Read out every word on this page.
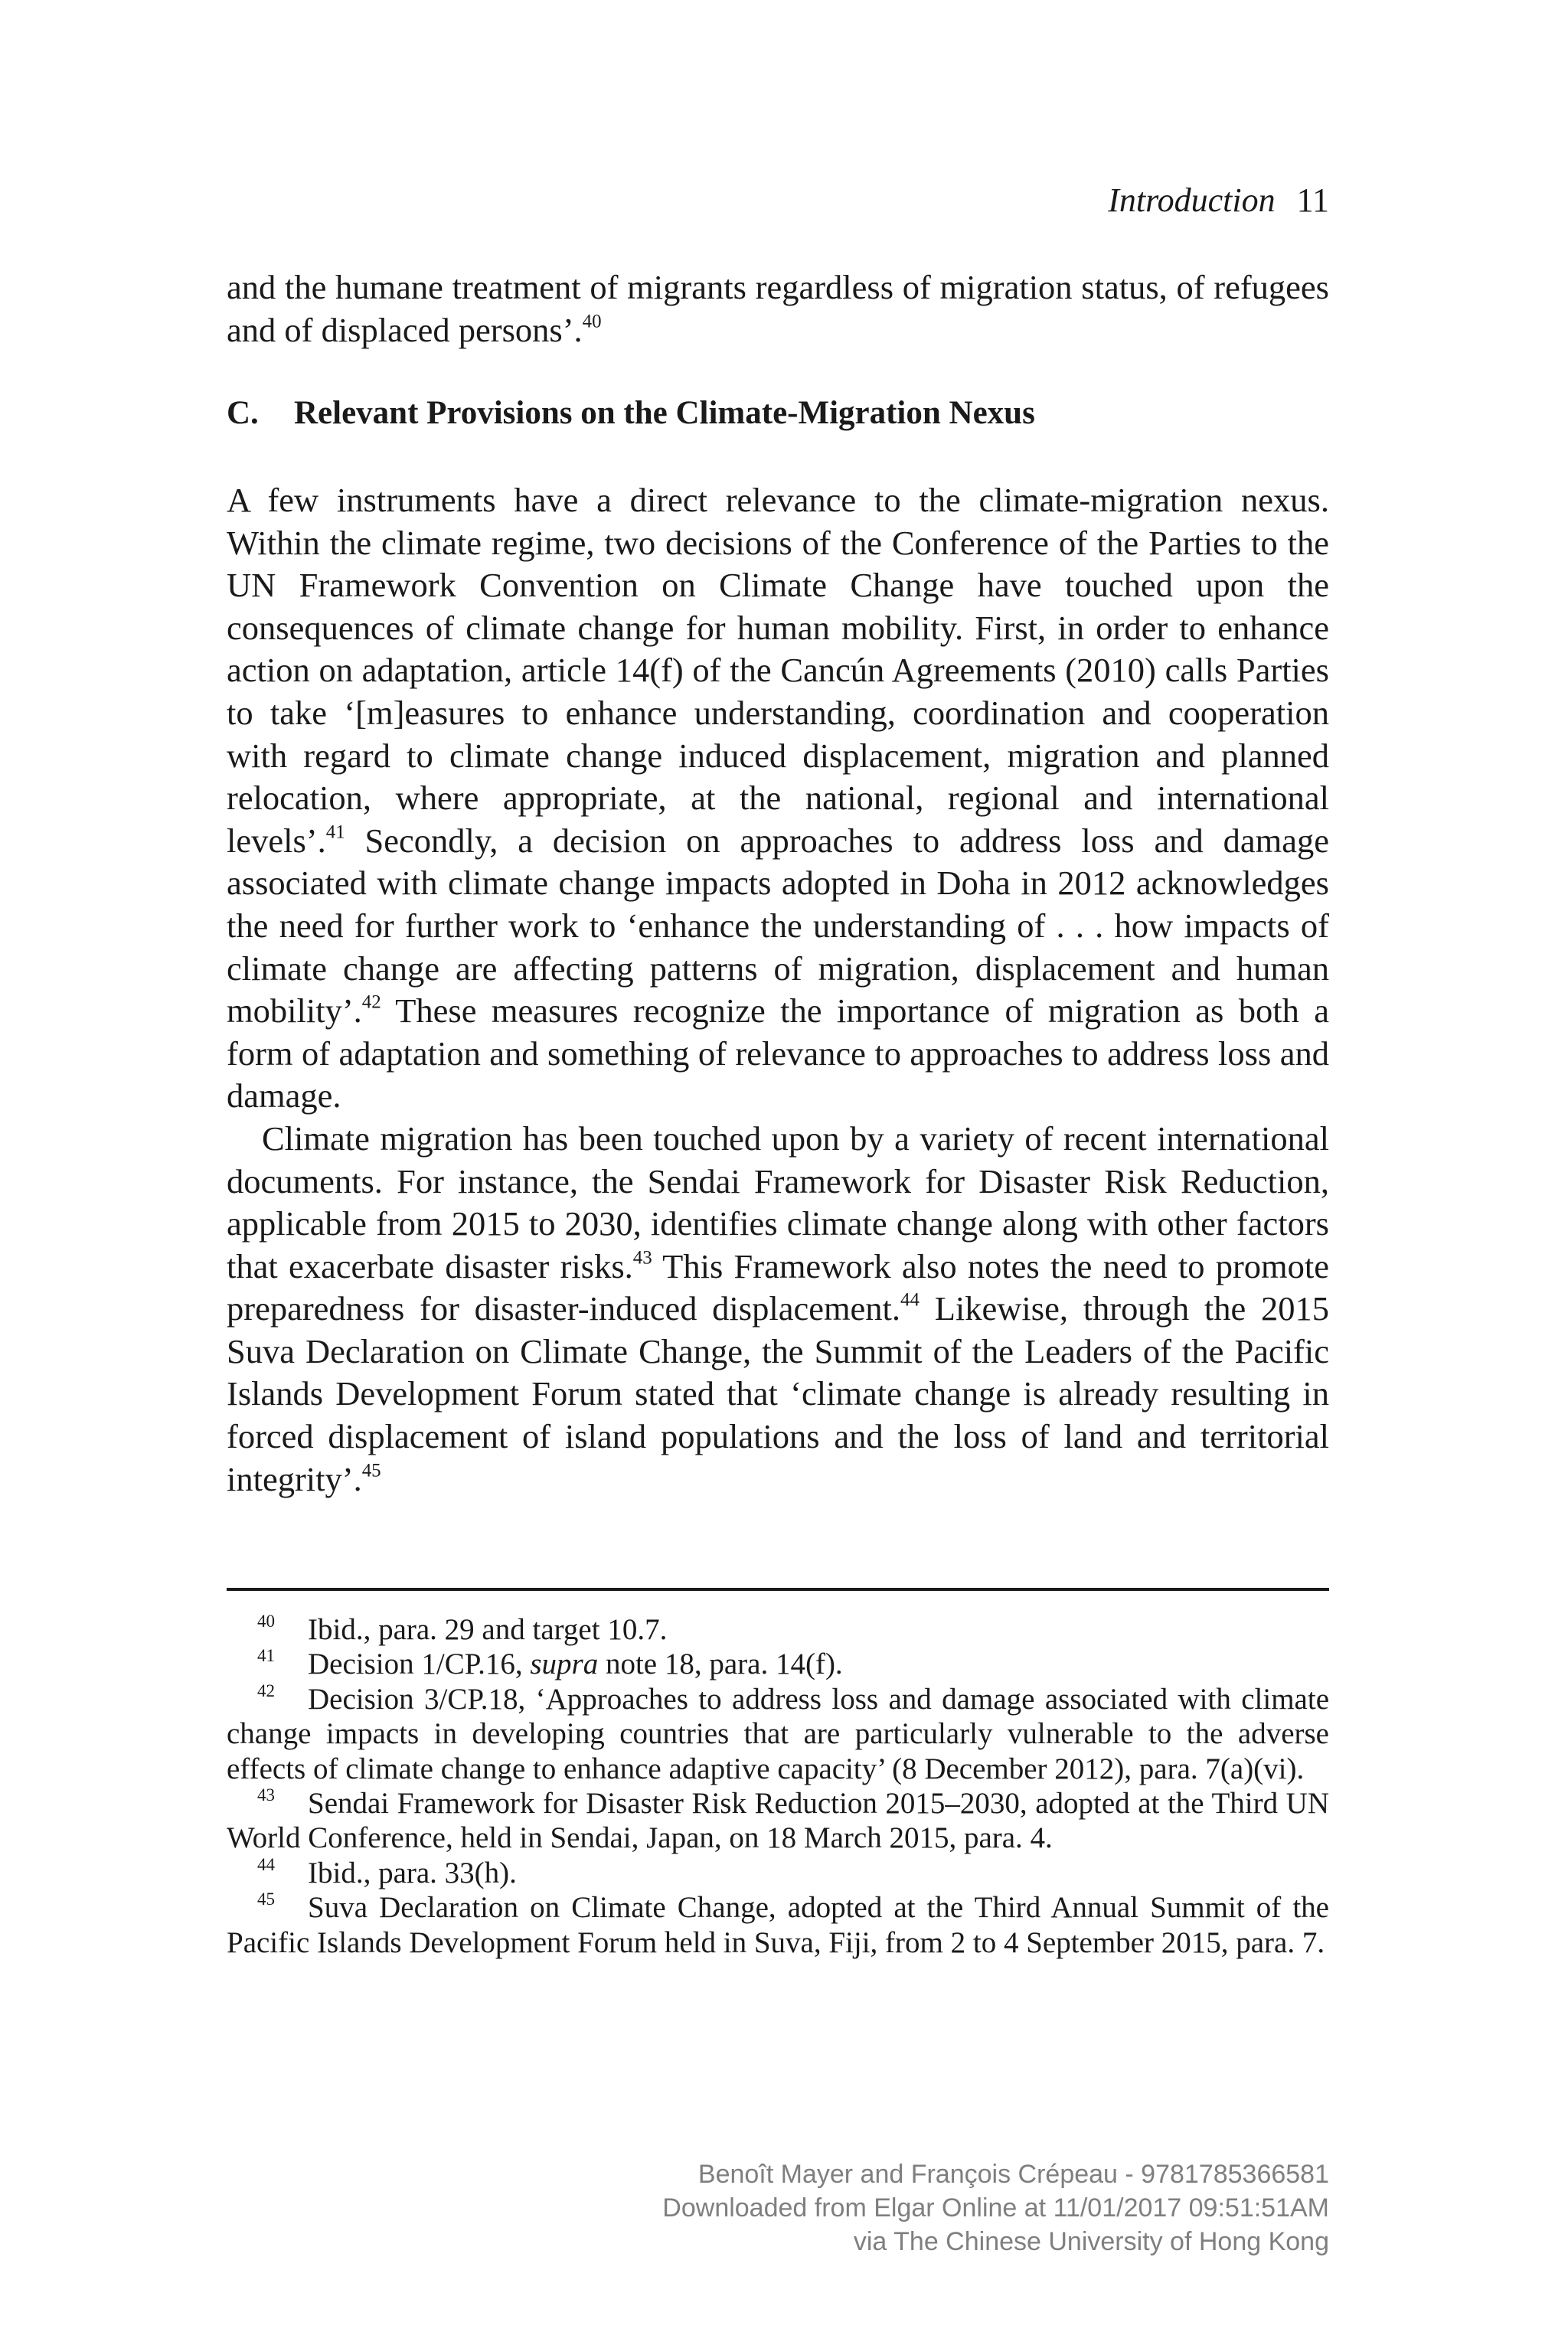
Introduction 11

and the humane treatment of migrants regardless of migration status, of refugees and of displaced persons’.$^{40}$

C. Relevant Provisions on the Climate-Migration Nexus

A few instruments have a direct relevance to the climate-migration nexus. Within the climate regime, two decisions of the Conference of the Parties to the UN Framework Convention on Climate Change have touched upon the consequences of climate change for human mobility. First, in order to enhance action on adaptation, article 14(f) of the Cancún Agreements (2010) calls Parties to take ‘[m]easures to enhance understanding, coordination and cooperation with regard to climate change induced displacement, migration and planned relocation, where appropriate, at the national, regional and international levels’.$^{41}$ Secondly, a decision on approaches to address loss and damage associated with climate change impacts adopted in Doha in 2012 acknowledges the need for further work to ‘enhance the understanding of . . . how impacts of climate change are affecting patterns of migration, displacement and human mobility’.$^{42}$ These measures recognize the importance of migration as both a form of adaptation and something of relevance to approaches to address loss and damage.

Climate migration has been touched upon by a variety of recent international documents. For instance, the Sendai Framework for Disaster Risk Reduction, applicable from 2015 to 2030, identifies climate change along with other factors that exacerbate disaster risks.$^{43}$ This Framework also notes the need to promote preparedness for disaster-induced displacement.$^{44}$ Likewise, through the 2015 Suva Declaration on Climate Change, the Summit of the Leaders of the Pacific Islands Development Forum stated that ‘climate change is already resulting in forced displacement of island populations and the loss of land and territorial integrity’.$^{45}$

40 Ibid., para. 29 and target 10.7.

41 Decision 1/CP.16, supra note 18, para. 14(f).

42 Decision 3/CP.18, ‘Approaches to address loss and damage associated with climate change impacts in developing countries that are particularly vulnerable to the adverse effects of climate change to enhance adaptive capacity’ (8 December 2012), para. 7(a)(vi).

43 Sendai Framework for Disaster Risk Reduction 2015–2030, adopted at the Third UN World Conference, held in Sendai, Japan, on 18 March 2015, para. 4.

44 Ibid., para. 33(h).

45 Suva Declaration on Climate Change, adopted at the Third Annual Summit of the Pacific Islands Development Forum held in Suva, Fiji, from 2 to 4 September 2015, para. 7.

Benoît Mayer and François Crépeau - 9781785366581
Downloaded from Elgar Online at 11/01/2017 09:51:51AM
via The Chinese University of Hong Kong
